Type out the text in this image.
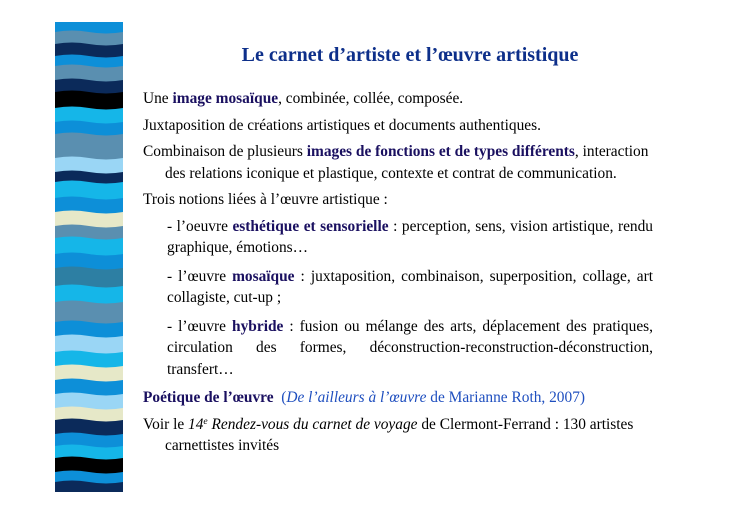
Le carnet d’artiste et l’œuvre artistique

Une image mosaïque, combinée, collée, composée.

Juxtaposition de créations artistiques et documents authentiques.

Combinaison de plusieurs images de fonctions et de types différents, interaction des relations iconique et plastique, contexte et contrat de communication.

Trois notions liées à l’œuvre artistique :

- l’oeuvre esthétique et sensorielle : perception, sens, vision artistique, rendu graphique, émotions…

- l’œuvre mosaïque : juxtaposition, combinaison, superposition, collage, art collagiste, cut-up ;

- l’œuvre hybride : fusion ou mélange des arts, déplacement des pratiques, circulation des formes, déconstruction-reconstruction-déconstruction, transfert…

Poétique de l’œuvre (De l’ailleurs à l’œuvre de Marianne Roth, 2007)

Voir le 14e Rendez-vous du carnet de voyage de Clermont-Ferrand : 130 artistes carnettistes invités
